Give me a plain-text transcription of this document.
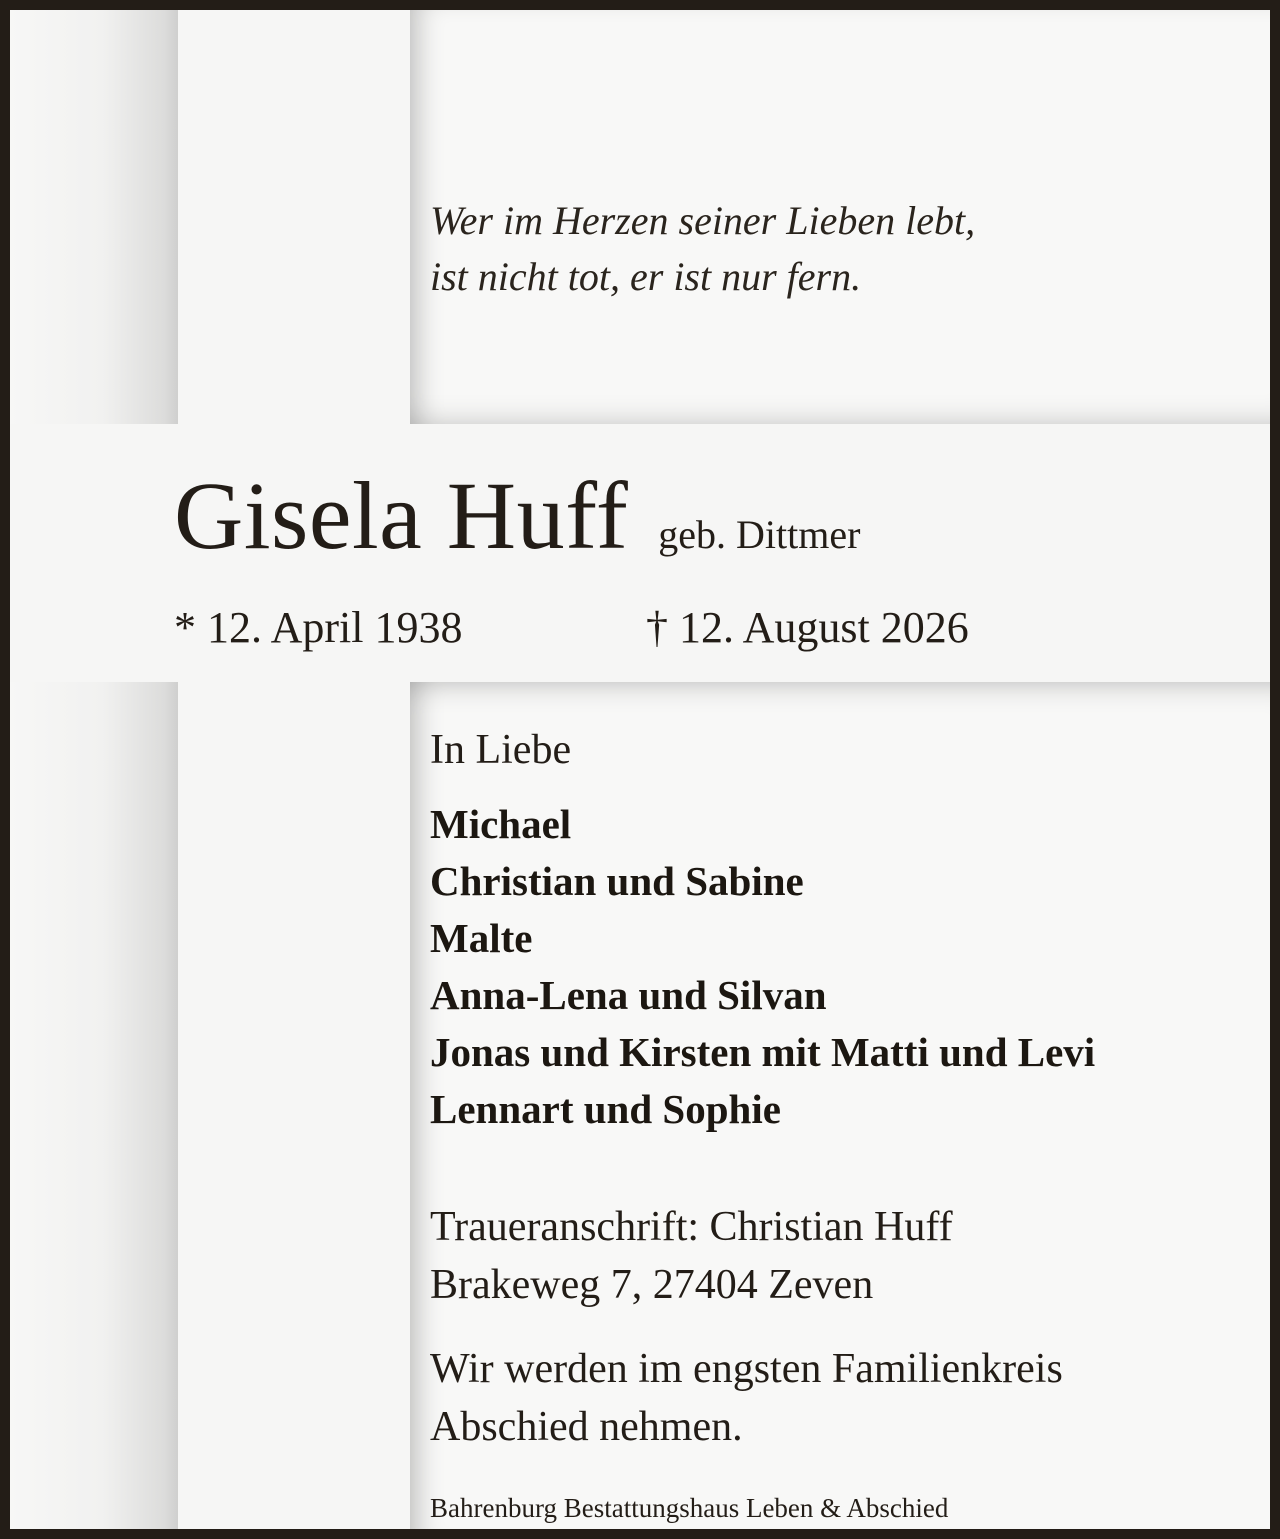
Wer im Herzen seiner Lieben lebt,
ist nicht tot, er ist nur fern.
Gisela Huff geb. Dittmer
* 12. April 1938	† 12. August 2026
In Liebe
Michael
Christian und Sabine
Malte
Anna-Lena und Silvan
Jonas und Kirsten mit Matti und Levi
Lennart und Sophie
Traueranschrift: Christian Huff
Brakeweg 7, 27404 Zeven
Wir werden im engsten Familienkreis
Abschied nehmen.
Bahrenburg Bestattungshaus Leben & Abschied
